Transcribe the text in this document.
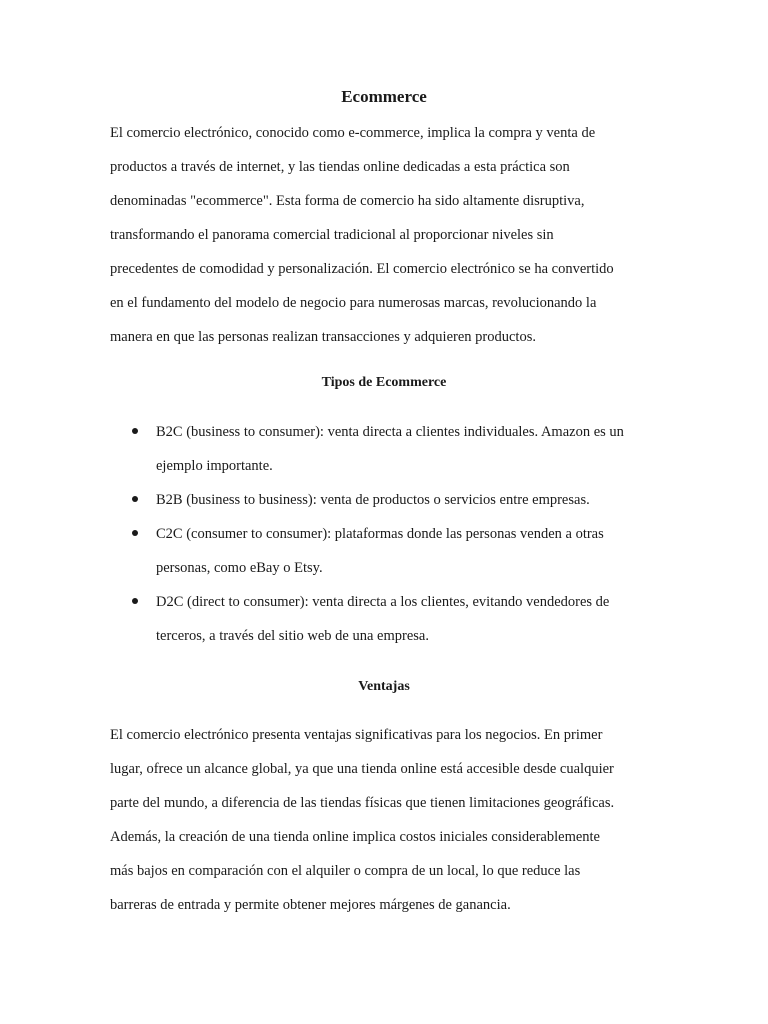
Ecommerce

El comercio electrónico, conocido como e-commerce, implica la compra y venta de
productos a través de internet, y las tiendas online dedicadas a esta práctica son
denominadas "ecommerce". Esta forma de comercio ha sido altamente disruptiva,
transformando el panorama comercial tradicional al proporcionar niveles sin
precedentes de comodidad y personalización. El comercio electrónico se ha convertido
en el fundamento del modelo de negocio para numerosas marcas, revolucionando la
manera en que las personas realizan transacciones y adquieren productos.

Tipos de Ecommerce
B2C (business to consumer): venta directa a clientes individuales. Amazon es un
ejemplo importante.
B2B (business to business): venta de productos o servicios entre empresas.
C2C (consumer to consumer): plataformas donde las personas venden a otras
personas, como eBay o Etsy.
D2C (direct to consumer): venta directa a los clientes, evitando vendedores de
terceros, a través del sitio web de una empresa.
Ventajas

El comercio electrónico presenta ventajas significativas para los negocios. En primer
lugar, ofrece un alcance global, ya que una tienda online está accesible desde cualquier
parte del mundo, a diferencia de las tiendas físicas que tienen limitaciones geográficas.
Además, la creación de una tienda online implica costos iniciales considerablemente
más bajos en comparación con el alquiler o compra de un local, lo que reduce las
barreras de entrada y permite obtener mejores márgenes de ganancia.
